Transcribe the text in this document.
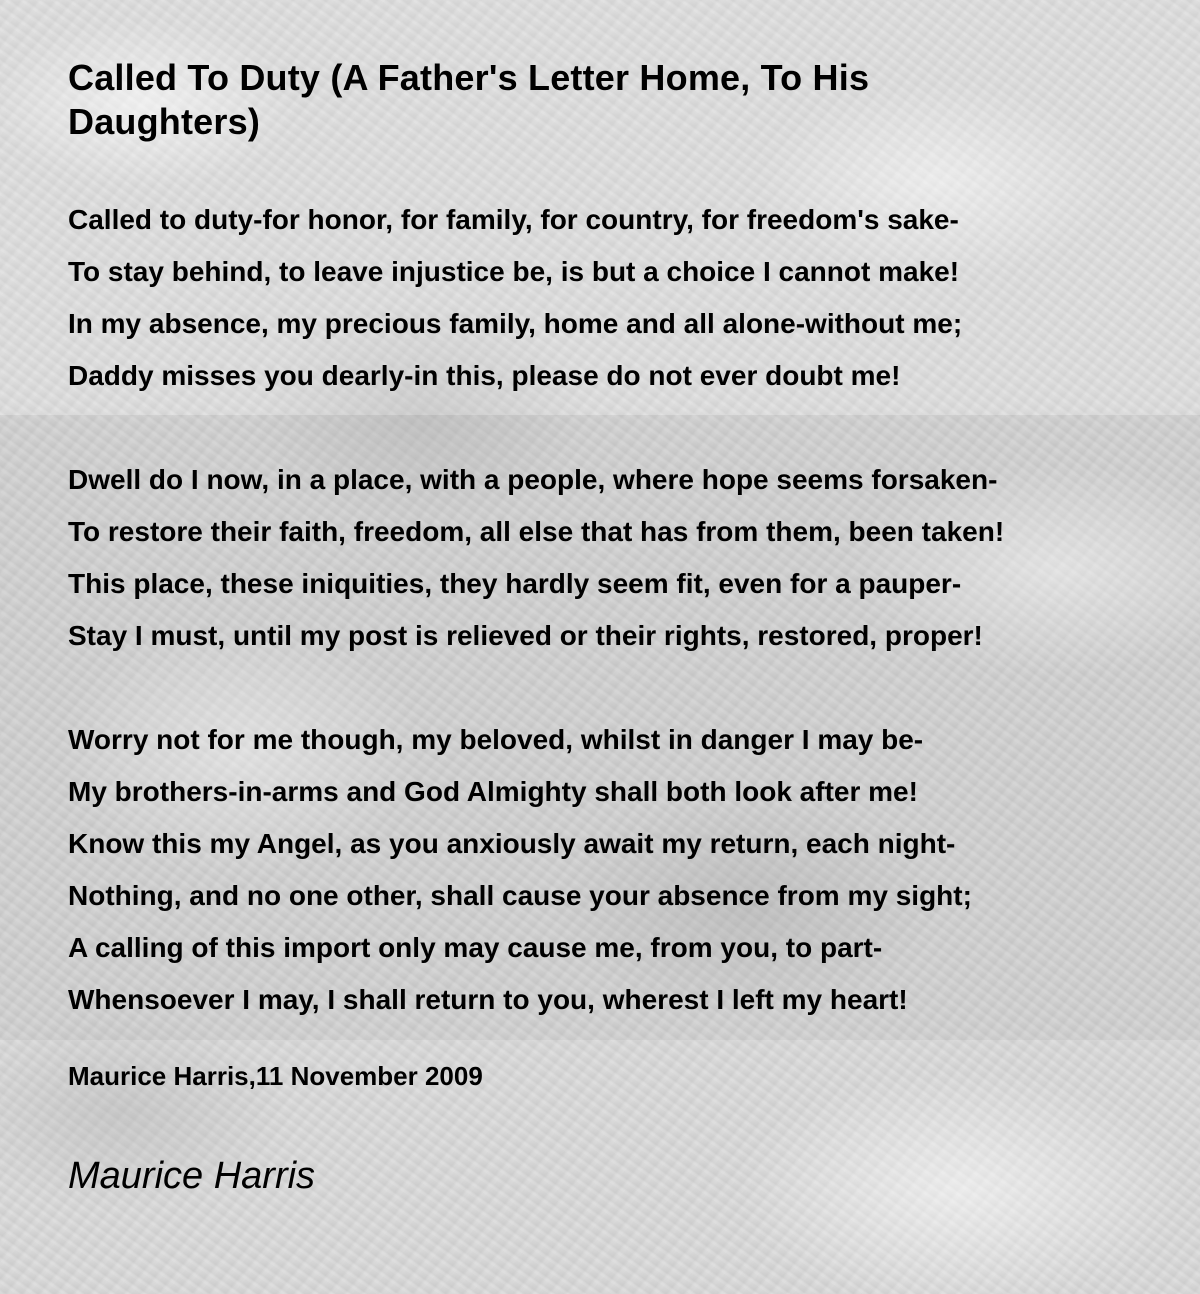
Called To Duty (A Father's Letter Home, To His Daughters)
Called to duty-for honor, for family, for country, for freedom's sake-
To stay behind, to leave injustice be, is but a choice I cannot make!
In my absence, my precious family, home and all alone-without me;
Daddy misses you dearly-in this, please do not ever doubt me!
Dwell do I now, in a place, with a people, where hope seems forsaken-
To restore their faith, freedom, all else that has from them, been taken!
This place, these iniquities, they hardly seem fit, even for a pauper-
Stay I must, until my post is relieved or their rights, restored, proper!
Worry not for me though, my beloved, whilst in danger I may be-
My brothers-in-arms and God Almighty shall both look after me!
Know this my Angel, as you anxiously await my return, each night-
Nothing, and no one other, shall cause your absence from my sight;
A calling of this import only may cause me, from you, to part-
Whensoever I may, I shall return to you, wherest I left my heart!
Maurice Harris,11 November 2009
Maurice Harris
